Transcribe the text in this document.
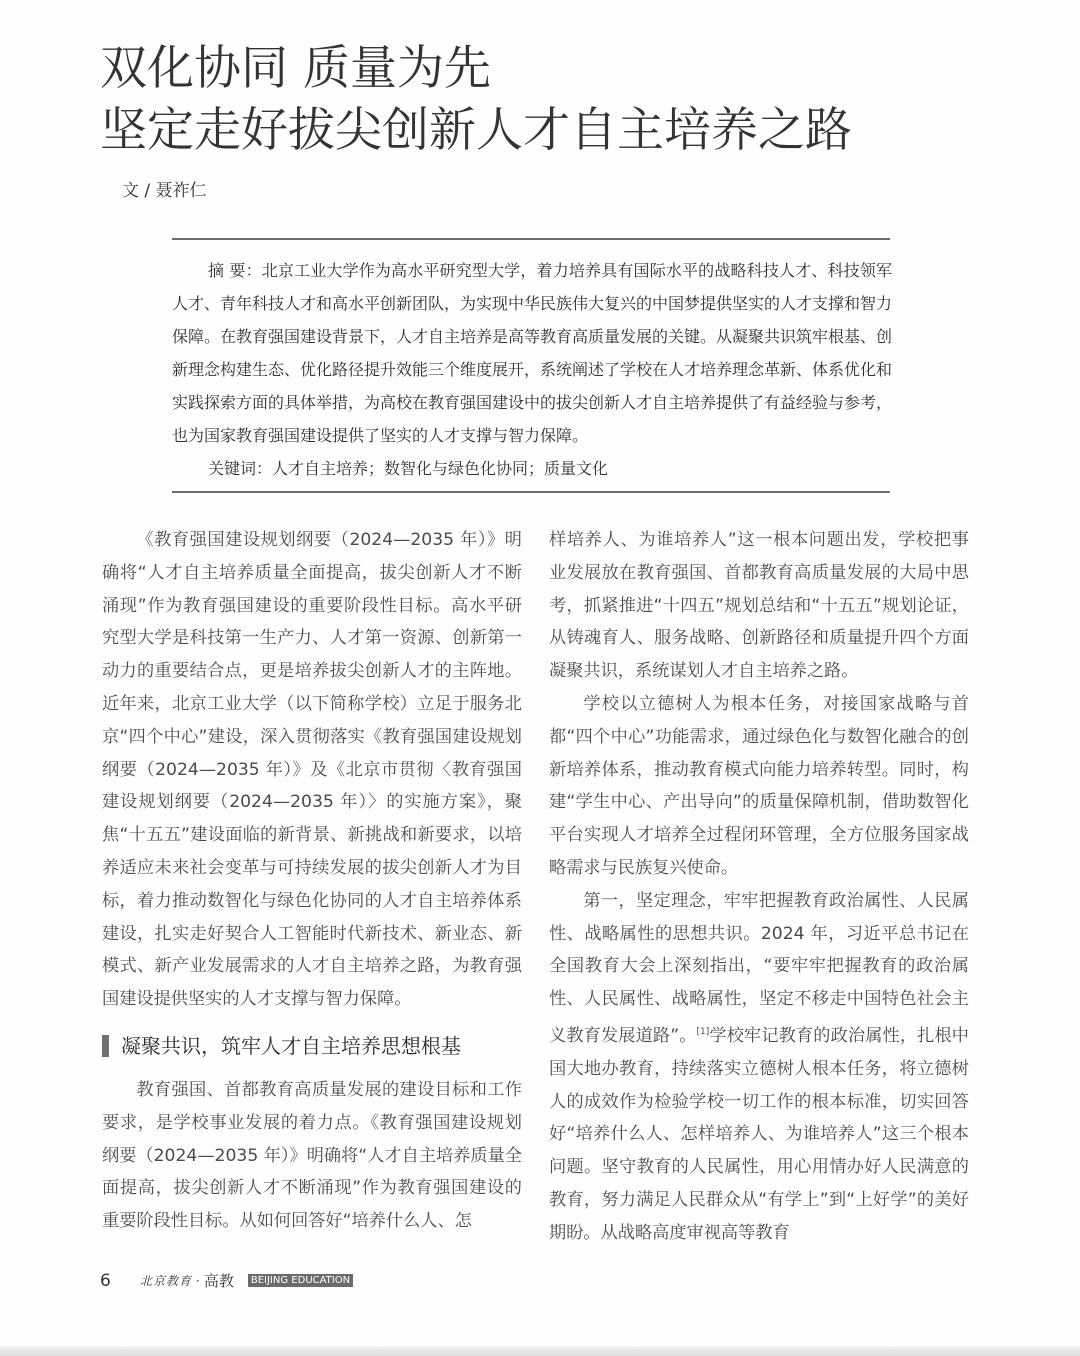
双化协同 质量为先
坚定走好拔尖创新人才自主培养之路
文 / 聂祚仁

摘 要：北京工业大学作为高水平研究型大学，着力培养具有国际水平的战略科技人才、科技领军人才、青年科技人才和高水平创新团队，为实现中华民族伟大复兴的中国梦提供坚实的人才支撑和智力保障。在教育强国建设背景下，人才自主培养是高等教育高质量发展的关键。从凝聚共识筑牢根基、创新理念构建生态、优化路径提升效能三个维度展开，系统阐述了学校在人才培养理念革新、体系优化和实践探索方面的具体举措，为高校在教育强国建设中的拔尖创新人才自主培养提供了有益经验与参考，也为国家教育强国建设提供了坚实的人才支撑与智力保障。

关键词：人才自主培养；数智化与绿色化协同；质量文化

《教育强国建设规划纲要（2024—2035 年）》明确将“人才自主培养质量全面提高，拔尖创新人才不断涌现”作为教育强国建设的重要阶段性目标。高水平研究型大学是科技第一生产力、人才第一资源、创新第一动力的重要结合点，更是培养拔尖创新人才的主阵地。近年来，北京工业大学（以下简称学校）立足于服务北京“四个中心”建设，深入贯彻落实《教育强国建设规划纲要（2024—2035 年）》及《北京市贯彻〈教育强国建设规划纲要（2024—2035 年）〉的实施方案》，聚焦“十五五”建设面临的新背景、新挑战和新要求，以培养适应未来社会变革与可持续发展的拔尖创新人才为目标，着力推动数智化与绿色化协同的人才自主培养体系建设，扎实走好契合人工智能时代新技术、新业态、新模式、新产业发展需求的人才自主培养之路，为教育强国建设提供坚实的人才支撑与智力保障。

凝聚共识，筑牢人才自主培养思想根基

教育强国、首都教育高质量发展的建设目标和工作要求，是学校事业发展的着力点。《教育强国建设规划纲要（2024—2035 年）》明确将“人才自主培养质量全面提高，拔尖创新人才不断涌现”作为教育强国建设的重要阶段性目标。从如何回答好“培养什么人、怎

样培养人、为谁培养人”这一根本问题出发，学校把事业发展放在教育强国、首都教育高质量发展的大局中思考，抓紧推进“十四五”规划总结和“十五五”规划论证，从铸魂育人、服务战略、创新路径和质量提升四个方面凝聚共识，系统谋划人才自主培养之路。

学校以立德树人为根本任务，对接国家战略与首都“四个中心”功能需求，通过绿色化与数智化融合的创新培养体系，推动教育模式向能力培养转型。同时，构建“学生中心、产出导向”的质量保障机制，借助数智化平台实现人才培养全过程闭环管理，全方位服务国家战略需求与民族复兴使命。

第一，坚定理念，牢牢把握教育政治属性、人民属性、战略属性的思想共识。2024 年，习近平总书记在全国教育大会上深刻指出，“要牢牢把握教育的政治属性、人民属性、战略属性，坚定不移走中国特色社会主义教育发展道路”。[1]学校牢记教育的政治属性，扎根中国大地办教育，持续落实立德树人根本任务，将立德树人的成效作为检验学校一切工作的根本标准，切实回答好“培养什么人、怎样培养人、为谁培养人”这三个根本问题。坚守教育的人民属性，用心用情办好人民满意的教育，努力满足人民群众从“有学上”到“上好学”的美好期盼。从战略高度审视高等教育

6	北京教育 · 高教	BEIJING EDUCATION
